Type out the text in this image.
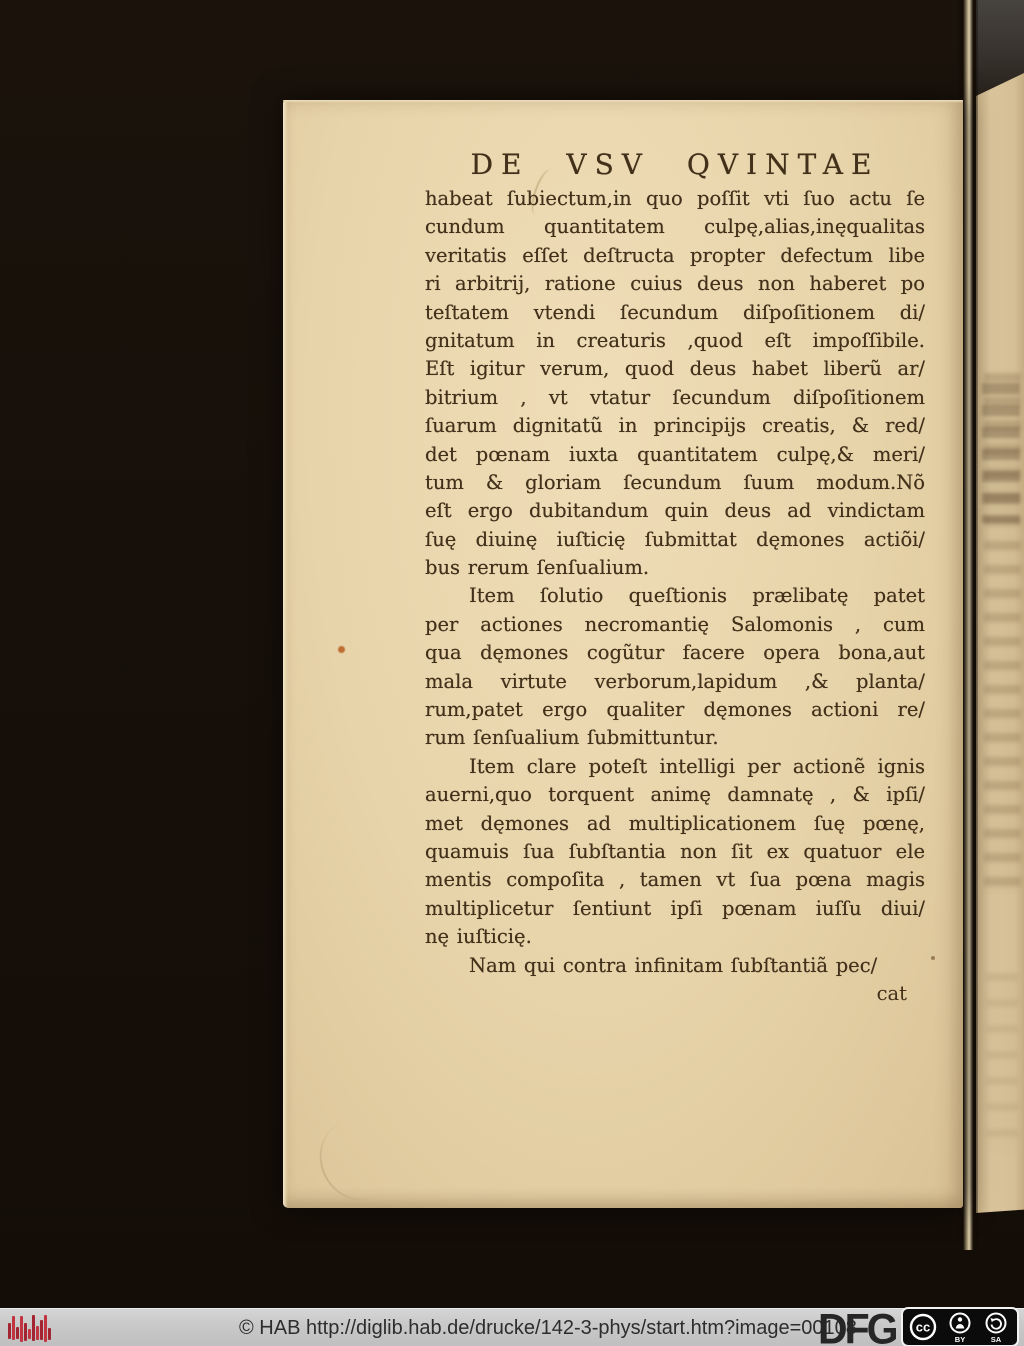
DE VSV QVINTAE
habeat ſubiectum,in quo poſſit vti ſuo actu ſe
cundum quantitatem culpę,alias,inęqualitas
veritatis eſſet deſtructa propter defectum libe
ri arbitrij, ratione cuius deus non haberet po
teſtatem vtendi ſecundum diſpoſitionem di/
gnitatum in creaturis ,quod eſt impoſſibile.
Eſt igitur verum, quod deus habet liberũ ar/
bitrium , vt vtatur ſecundum diſpoſitionem
ſuarum dignitatũ in principijs creatis, & red/
det pœnam iuxta quantitatem culpę,& meri/
tum & gloriam ſecundum ſuum modum.Nõ
eſt ergo dubitandum quin deus ad vindictam
ſuę diuinę iuſticię ſubmittat dęmones actiõi/
bus rerum ſenſualium.
Item ſolutio queſtionis prælibatę patet
per actiones necromantię Salomonis , cum
qua dęmones cogũtur facere opera bona,aut
mala virtute verborum,lapidum ,& planta/
rum,patet ergo qualiter dęmones actioni re/
rum ſenſualium ſubmittuntur.
Item clare poteſt intelligi per actionẽ ignis
auerni,quo torquent animę damnatę , & ipſi/
met dęmones ad multiplicationem ſuę pœnę,
quamuis ſua ſubſtantia non ſit ex quatuor ele
mentis compoſita , tamen vt ſua pœna magis
multiplicetur ſentiunt ipſi pœnam iuſſu diui/
nę iuſticię.
Nam qui contra infinitam ſubſtantiã pec/
cat
© HAB http://diglib.hab.de/drucke/142-3-phys/start.htm?image=00108
DFG cc
BY	SA
